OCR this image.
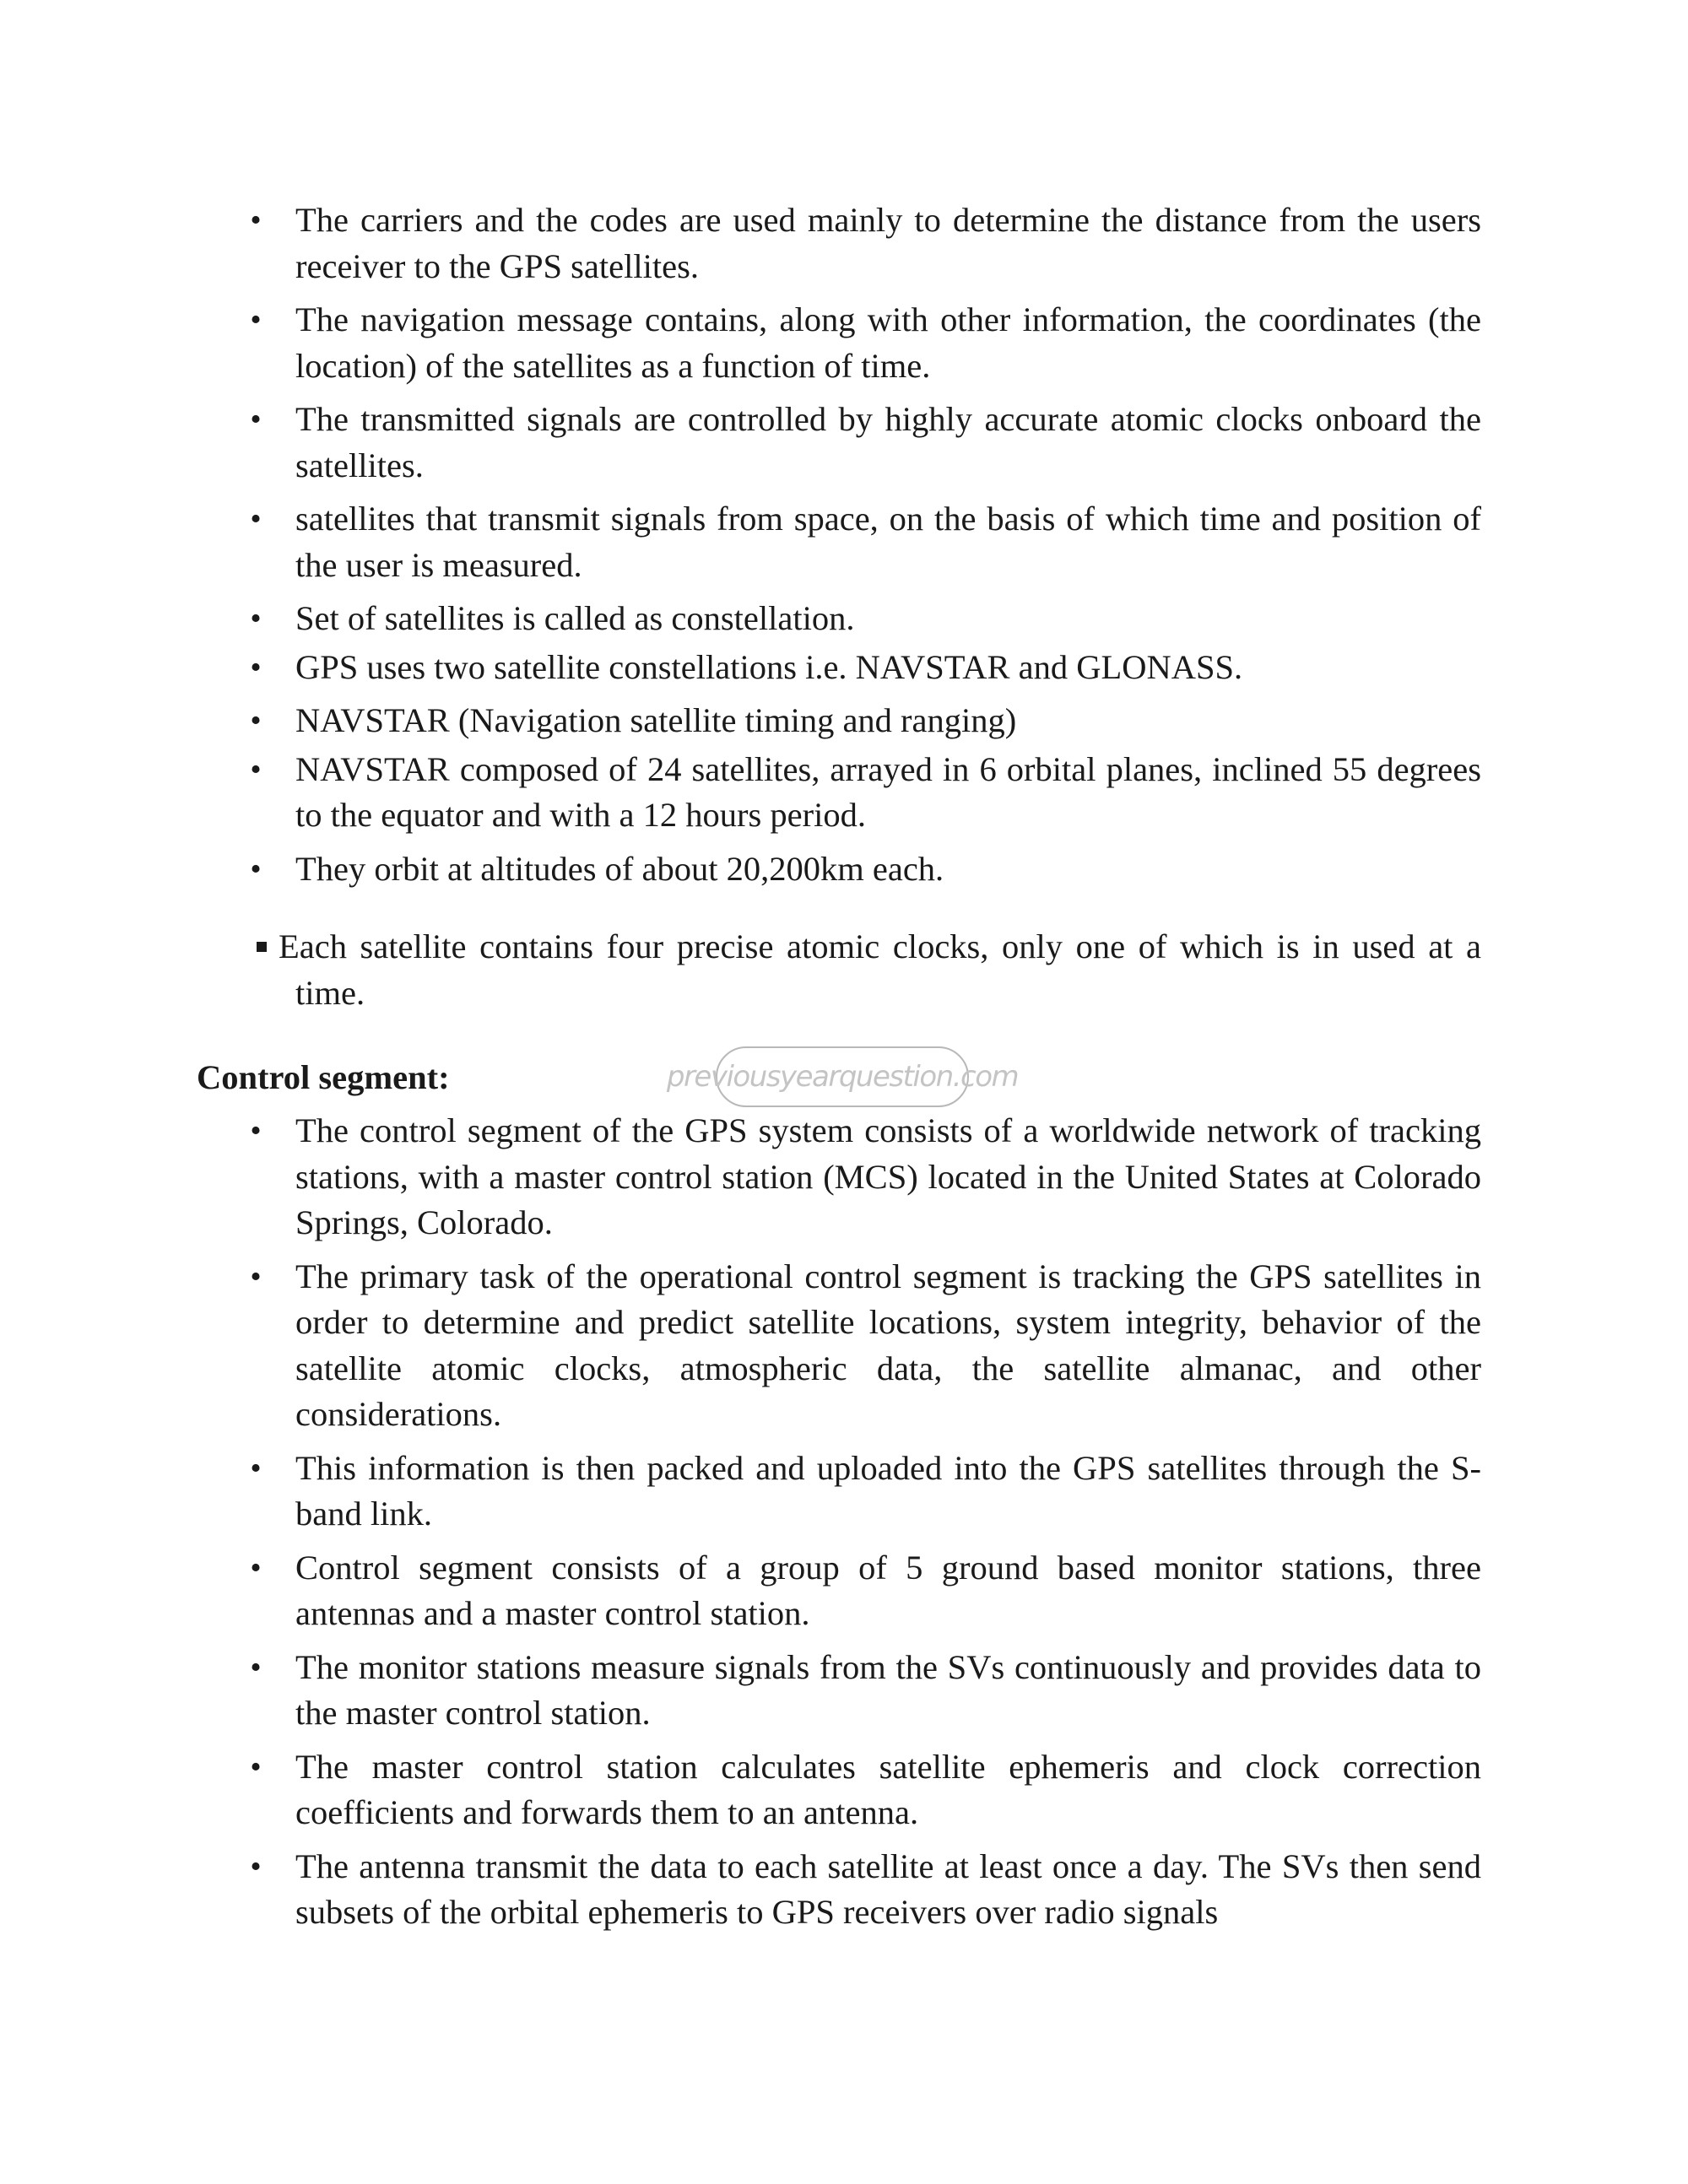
• The carriers and the codes are used mainly to determine the distance from the users receiver to the GPS satellites.
• The navigation message contains, along with other information, the coordinates (the location) of the satellites as a function of time.
• The transmitted signals are controlled by highly accurate atomic clocks onboard the satellites.
• satellites that transmit signals from space, on the basis of which time and position of the user is measured.
• Set of satellites is called as constellation.
• GPS uses two satellite constellations i.e. NAVSTAR and GLONASS.
• NAVSTAR (Navigation satellite timing and ranging)
• NAVSTAR composed of 24 satellites, arrayed in 6 orbital planes, inclined 55 degrees to the equator and with a 12 hours period.
• They orbit at altitudes of about 20,200km each.
Each satellite contains four precise atomic clocks, only one of which is in used at a time.
Control segment:	previousyearquestion.com
• The control segment of the GPS system consists of a worldwide network of tracking stations, with a master control station (MCS) located in the United States at Colorado Springs, Colorado.
• The primary task of the operational control segment is tracking the GPS satellites in order to determine and predict satellite locations, system integrity, behavior of the satellite atomic clocks, atmospheric data, the satellite almanac, and other considerations.
• This information is then packed and uploaded into the GPS satellites through the S-band link.
• Control segment consists of a group of 5 ground based monitor stations, three antennas and a master control station.
• The monitor stations measure signals from the SVs continuously and provides data to the master control station.
• The master control station calculates satellite ephemeris and clock correction coefficients and forwards them to an antenna.
• The antenna transmit the data to each satellite at least once a day. The SVs then send subsets of the orbital ephemeris to GPS receivers over radio signals
